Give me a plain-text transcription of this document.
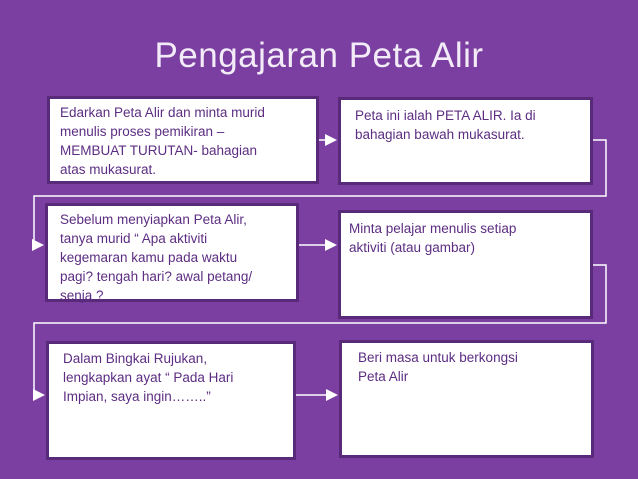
Pengajaran Peta Alir
Edarkan Peta Alir dan minta murid
menulis proses pemikiran –
MEMBUAT TURUTAN- bahagian
atas mukasurat.
Peta ini ialah PETA ALIR. Ia di
bahagian bawah mukasurat.
Sebelum menyiapkan Peta Alir,
tanya murid “ Apa aktiviti
kegemaran kamu pada waktu
pagi? tengah hari? awal petang/
senja ?
Minta pelajar menulis setiap
aktiviti (atau gambar)
Dalam Bingkai Rujukan,
lengkapkan ayat “ Pada Hari
Impian, saya ingin……..”
Beri masa untuk berkongsi
Peta Alir
